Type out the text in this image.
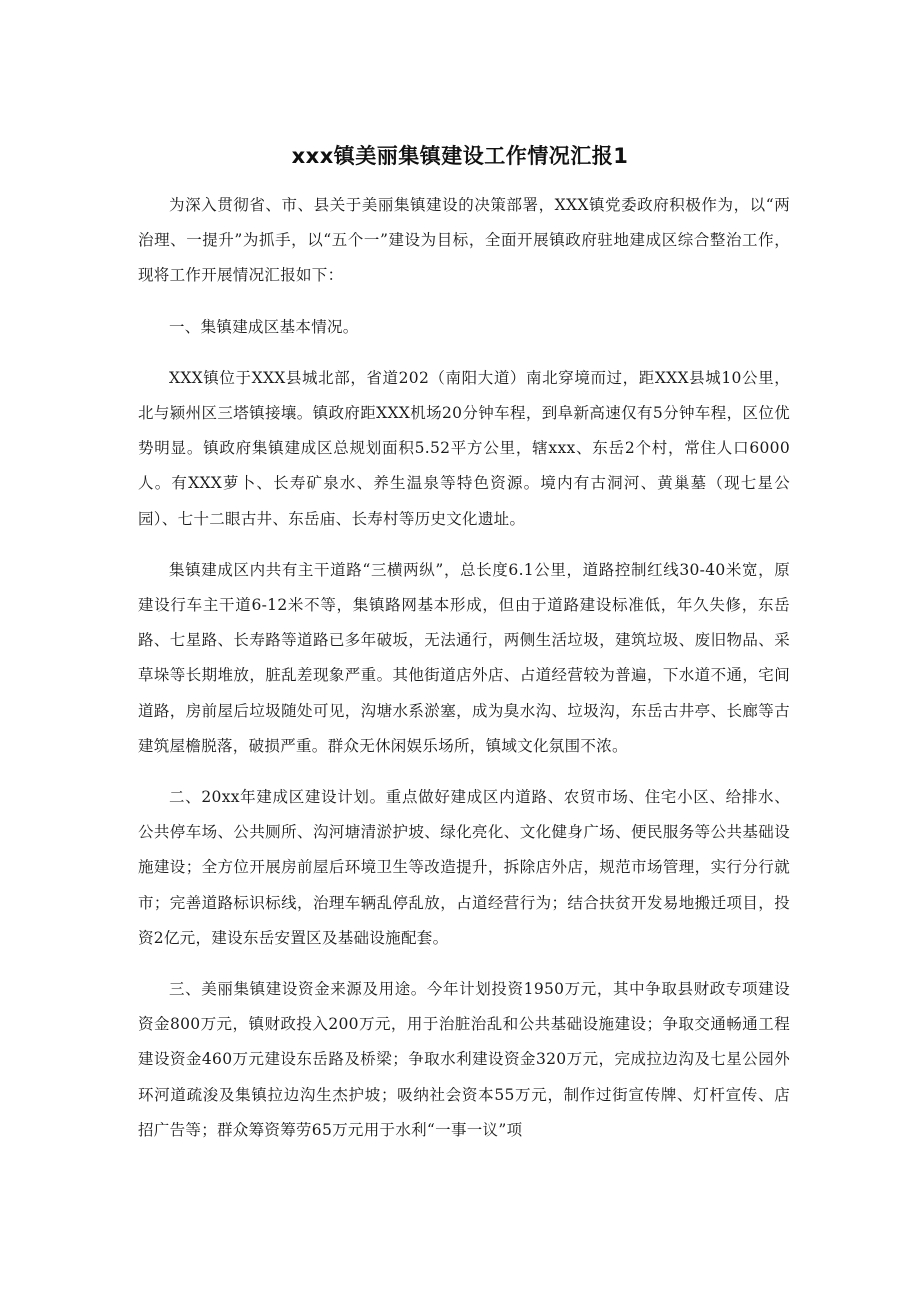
xxx镇美丽集镇建设工作情况汇报1

为深入贯彻省、市、县关于美丽集镇建设的决策部署，XXX镇党委政府积极作为，以“两治理、一提升”为抓手，以“五个一”建设为目标，全面开展镇政府驻地建成区综合整治工作，现将工作开展情况汇报如下：

一、集镇建成区基本情况。

XXX镇位于XXX县城北部，省道202（南阳大道）南北穿境而过，距XXX县城10公里，北与颍州区三塔镇接壤。镇政府距XXX机场20分钟车程，到阜新高速仅有5分钟车程，区位优势明显。镇政府集镇建成区总规划面积5.52平方公里，辖xxx、东岳2个村，常住人口6000人。有XXX萝卜、长寿矿泉水、养生温泉等特色资源。境内有古洞河、黄巢墓（现七星公园）、七十二眼古井、东岳庙、长寿村等历史文化遗址。

集镇建成区内共有主干道路“三横两纵”，总长度6.1公里，道路控制红线30-40米宽，原建设行车主干道6-12米不等，集镇路网基本形成，但由于道路建设标准低，年久失修，东岳路、七星路、长寿路等道路已多年破坂，无法通行，两侧生活垃圾，建筑垃圾、废旧物品、采草垛等长期堆放，脏乱差现象严重。其他街道店外店、占道经营较为普遍，下水道不通，宅间道路，房前屋后垃圾随处可见，沟塘水系淤塞，成为臭水沟、垃圾沟，东岳古井亭、长廊等古建筑屋檐脱落，破损严重。群众无休闲娱乐场所，镇域文化氛围不浓。

二、20xx年建成区建设计划。重点做好建成区内道路、农贸市场、住宅小区、给排水、公共停车场、公共厕所、沟河塘清淤护坡、绿化亮化、文化健身广场、便民服务等公共基础设施建设；全方位开展房前屋后环境卫生等改造提升，拆除店外店，规范市场管理，实行分行就市；完善道路标识标线，治理车辆乱停乱放，占道经营行为；结合扶贫开发易地搬迁项目，投资2亿元，建设东岳安置区及基础设施配套。

三、美丽集镇建设资金来源及用途。今年计划投资1950万元，其中争取县财政专项建设资金800万元，镇财政投入200万元，用于治脏治乱和公共基础设施建设；争取交通畅通工程建设资金460万元建设东岳路及桥梁；争取水利建设资金320万元，完成拉边沟及七星公园外环河道疏浚及集镇拉边沟生杰护坡；吸纳社会资本55万元，制作过街宣传牌、灯杆宣传、店招广告等；群众筹资筹劳65万元用于水利“一事一议”项
